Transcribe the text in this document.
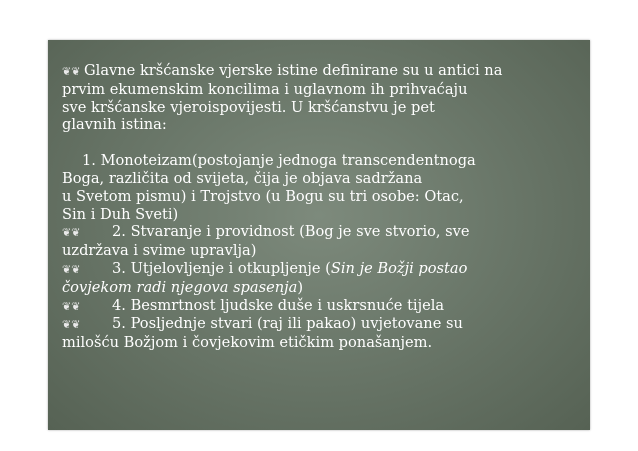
❦❦ Glavne kršćanske vjerske istine definirane su u antici na
prvim ekumenskim koncilima i uglavnom ih prihvaćaju
sve kršćanske vjeroispovijesti. U kršćanstvu je pet
glavnih istina:

1. Monoteizam(postojanje jednoga transcendentnoga
Boga, različita od svijeta, čija je objava sadržana
u Svetom pismu) i Trojstvo (u Bogu su tri osobe: Otac,
Sin i Duh Sveti)

❦❦ 2. Stvaranje i providnost (Bog je sve stvorio, sve
uzdržava i svime upravlja)

❦❦ 3. Utjelovljenje i otkupljenje (Sin je Božji postao
čovjekom radi njegova spasenja)

❦❦ 4. Besmrtnost ljudske duše i uskrsnuće tijela

❦❦ 5. Posljednje stvari (raj ili pakao) uvjetovane su
milošću Božjom i čovjekovim etičkim ponašanjem.
